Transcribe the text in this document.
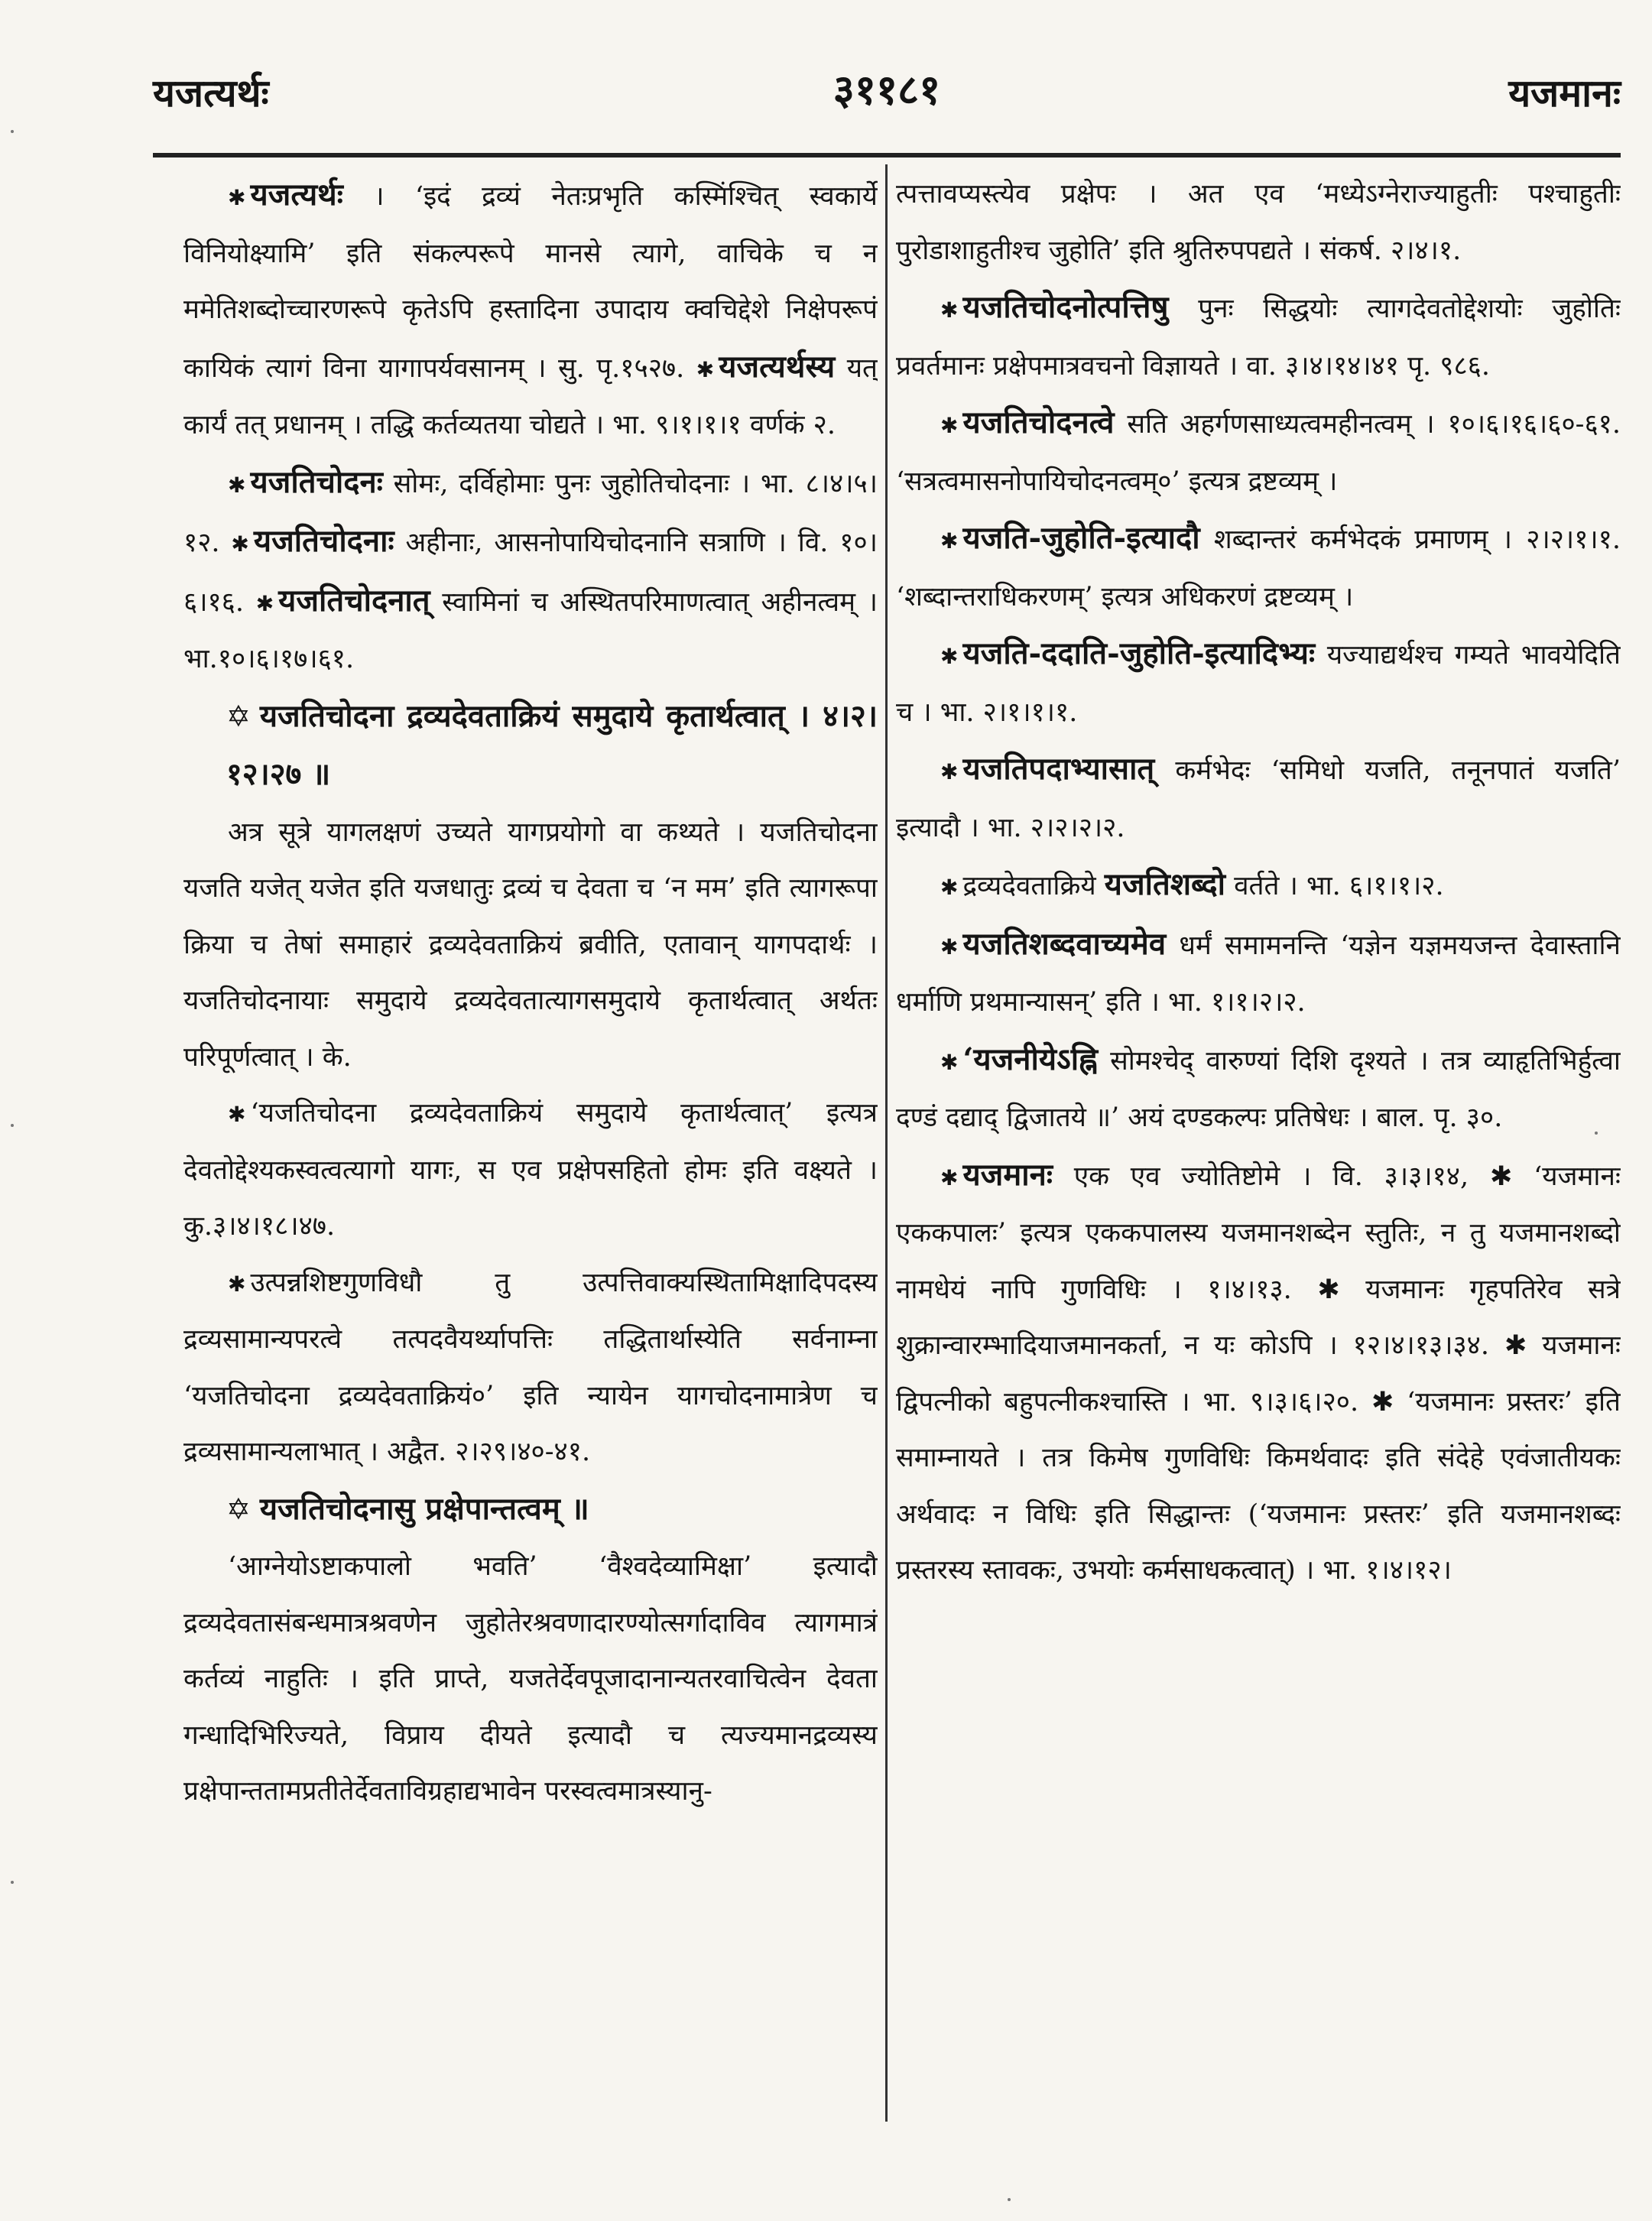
यजत्यर्थः	३११८१	यजमानः

✱ यजत्यर्थः । ‘इदं द्रव्यं नेतःप्रभृति कस्मिंश्चित् स्वकार्ये विनियोक्ष्यामि’ इति संकल्परूपे मानसे त्यागे, वाचिके च न ममेतिशब्दोच्चारणरूपे कृतेऽपि हस्तादिना उपादाय क्वचिद्देशे निक्षेपरूपं कायिकं त्यागं विना यागापर्यवसानम् । सु. पृ.१५२७. ✱ यजत्यर्थस्य यत् कार्यं तत् प्रधानम् । तद्धि कर्तव्यतया चोद्यते । भा. ९।१।१।१ वर्णकं २.

✱ यजतिचोदनः सोमः, दर्विहोमाः पुनः जुहोतिचोदनाः । भा. ८।४।५।१२. ✱ यजतिचोदनाः अहीनाः, आसनोपायिचोदनानि सत्राणि । वि. १०।६।१६. ✱ यजतिचोदनात् स्वामिनां च अस्थितपरिमाणत्वात् अहीनत्वम् । भा.१०।६।१७।६१.

✡ यजतिचोदना द्रव्यदेवताक्रियं समुदाये कृतार्थत्वात् । ४।२।१२।२७ ॥

अत्र सूत्रे यागलक्षणं उच्यते यागप्रयोगो वा कथ्यते । यजतिचोदना यजति यजेत् यजेत इति यजधातुः द्रव्यं च देवता च ‘न मम’ इति त्यागरूपा क्रिया च तेषां समाहारं द्रव्यदेवताक्रियं ब्रवीति, एतावान् यागपदार्थः । यजतिचोदनायाः समुदाये द्रव्यदेवतात्यागसमुदाये कृतार्थत्वात् अर्थतः परिपूर्णत्वात् । के.

✱ ‘यजतिचोदना द्रव्यदेवताक्रियं समुदाये कृतार्थत्वात्’ इत्यत्र देवतोद्देश्यकस्वत्वत्यागो यागः, स एव प्रक्षेपसहितो होमः इति वक्ष्यते । कु.३।४।१८।४७.

✱ उत्पन्नशिष्टगुणविधौ तु उत्पत्तिवाक्यस्थितामिक्षादिपदस्य द्रव्यसामान्यपरत्वे तत्पदवैयर्थ्यापत्तिः तद्धितार्थास्येति सर्वनाम्ना ‘यजतिचोदना द्रव्यदेवताक्रियं०’ इति न्यायेन यागचोदनामात्रेण च द्रव्यसामान्यलाभात् । अद्वैत. २।२९।४०-४१.

✡ यजतिचोदनासु प्रक्षेपान्तत्वम् ॥

‘आग्नेयोऽष्टाकपालो भवति’ ‘वैश्वदेव्यामिक्षा’ इत्यादौ द्रव्यदेवतासंबन्धमात्रश्रवणेन जुहोतेरश्रवणादारण्योत्सर्गादाविव त्यागमात्रं कर्तव्यं नाहुतिः । इति प्राप्ते, यजतेर्देवपूजादानान्यतरवाचित्वेन देवता गन्धादिभिरिज्यते, विप्राय दीयते इत्यादौ च त्यज्यमानद्रव्यस्य प्रक्षेपान्ततामप्रतीतेर्देवताविग्रहाद्यभावेन परस्वत्वमात्रस्यानु-

त्पत्तावप्यस्त्येव प्रक्षेपः । अत एव ‘मध्येऽग्नेराज्याहुतीः पश्चाहुतीः पुरोडाशाहुतीश्च जुहोति’ इति श्रुतिरुपपद्यते । संकर्ष. २।४।१.

✱ यजतिचोदनोत्पत्तिषु पुनः सिद्धयोः त्यागदेवतोद्देशयोः जुहोतिः प्रवर्तमानः प्रक्षेपमात्रवचनो विज्ञायते । वा. ३।४।१४।४१ पृ. ९८६.

✱ यजतिचोदनत्वे सति अहर्गणसाध्यत्वमहीनत्वम् । १०।६।१६।६०-६१. ‘सत्रत्वमासनोपायिचोदनत्वम्०’ इत्यत्र द्रष्टव्यम् ।

✱ यजति-जुहोति-इत्यादौ शब्दान्तरं कर्मभेदकं प्रमाणम् । २।२।१।१. ‘शब्दान्तराधिकरणम्’ इत्यत्र अधिकरणं द्रष्टव्यम् ।

✱ यजति-ददाति-जुहोति-इत्यादिभ्यः यज्याद्यर्थश्च गम्यते भावयेदिति च । भा. २।१।१।१.

✱ यजतिपदाभ्यासात् कर्मभेदः ‘समिधो यजति, तनूनपातं यजति’ इत्यादौ । भा. २।२।२।२.

✱ द्रव्यदेवताक्रिये यजतिशब्दो वर्तते । भा. ६।१।१।२.

✱ यजतिशब्दवाच्यमेव धर्मं समामनन्ति ‘यज्ञेन यज्ञमयजन्त देवास्तानि धर्माणि प्रथमान्यासन्’ इति । भा. १।१।२।२.

✱ ‘यजनीयेऽह्नि सोमश्चेद् वारुण्यां दिशि दृश्यते । तत्र व्याहृतिभिर्हुत्वा दण्डं दद्याद् द्विजातये ॥’ अयं दण्डकल्पः प्रतिषेधः । बाल. पृ. ३०.

✱ यजमानः एक एव ज्योतिष्टोमे । वि. ३।३।१४, ✱ ‘यजमानः एककपालः’ इत्यत्र एककपालस्य यजमानशब्देन स्तुतिः, न तु यजमानशब्दो नामधेयं नापि गुणविधिः । १।४।१३. ✱ यजमानः गृहपतिरेव सत्रे शुक्रान्वारम्भादियाजमानकर्ता, न यः कोऽपि । १२।४।१३।३४. ✱ यजमानः द्विपत्नीको बहुपत्नीकश्चास्ति । भा. ९।३।६।२०. ✱ ‘यजमानः प्रस्तरः’ इति समाम्नायते । तत्र किमेष गुणविधिः किमर्थवादः इति संदेहे एवंजातीयकः अर्थवादः न विधिः इति सिद्धान्तः (‘यजमानः प्रस्तरः’ इति यजमानशब्दः प्रस्तरस्य स्तावकः, उभयोः कर्मसाधकत्वात्) । भा. १।४।१२।
